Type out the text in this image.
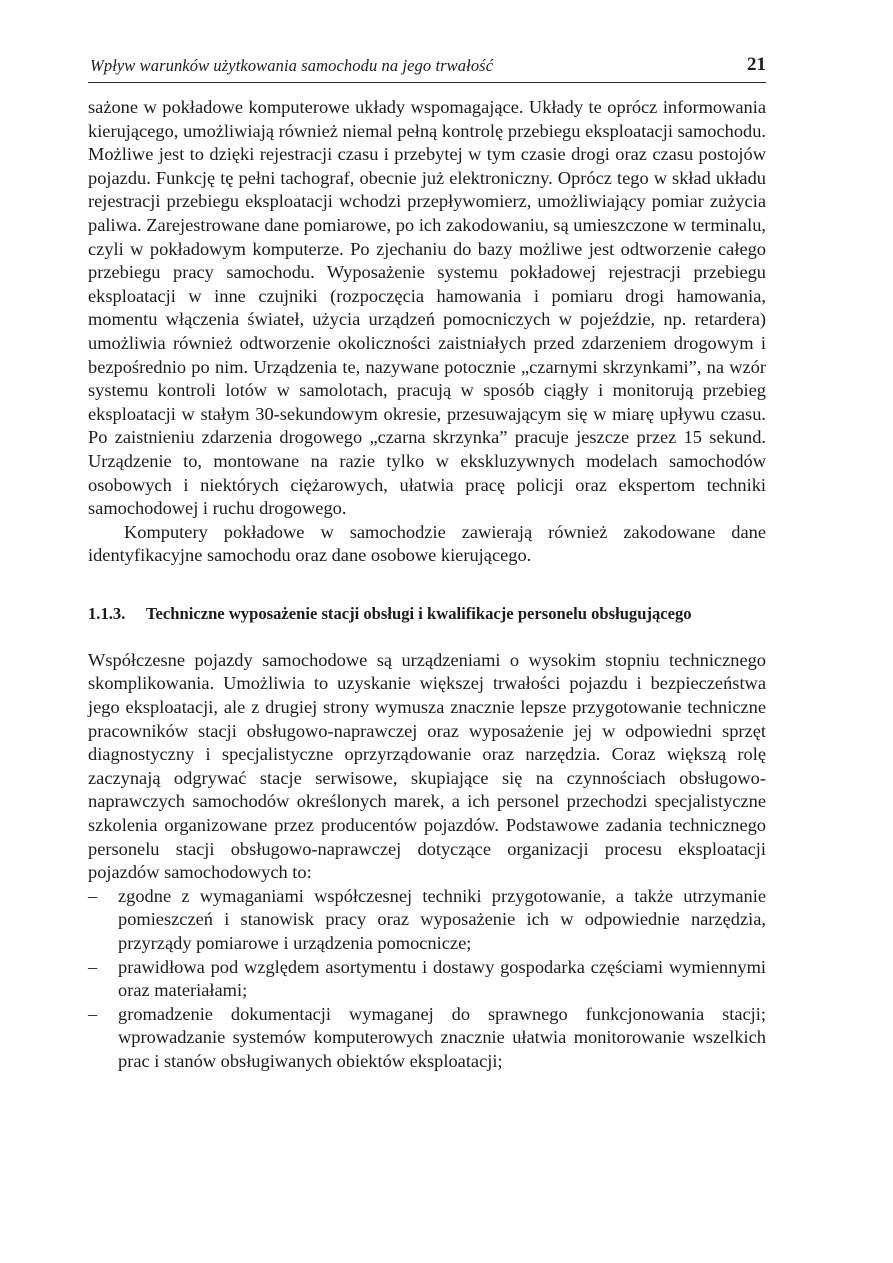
Wpływ warunków użytkowania samochodu na jego trwałość	21

sażone w pokładowe komputerowe układy wspomagające. Układy te oprócz informowania kierującego, umożliwiają również niemal pełną kontrolę przebiegu eksploatacji samochodu. Możliwe jest to dzięki rejestracji czasu i przebytej w tym czasie drogi oraz czasu postojów pojazdu. Funkcję tę pełni tachograf, obecnie już elektroniczny. Oprócz tego w skład układu rejestracji przebiegu eksploatacji wchodzi przepływomierz, umożliwiający pomiar zużycia paliwa. Zarejestrowane dane pomiarowe, po ich zakodowaniu, są umieszczone w terminalu, czyli w pokładowym komputerze. Po zjechaniu do bazy możliwe jest odtworzenie całego przebiegu pracy samochodu. Wyposażenie systemu pokładowej rejestracji przebiegu eksploatacji w inne czujniki (rozpoczęcia hamowania i pomiaru drogi hamowania, momentu włączenia świateł, użycia urządzeń pomocniczych w pojeździe, np. retardera) umożliwia również odtworzenie okoliczności zaistniałych przed zdarzeniem drogowym i bezpośrednio po nim. Urządzenia te, nazywane potocznie „czarnymi skrzynkami”, na wzór systemu kontroli lotów w samolotach, pracują w sposób ciągły i monitorują przebieg eksploatacji w stałym 30-sekundowym okresie, przesuwającym się w miarę upływu czasu. Po zaistnieniu zdarzenia drogowego „czarna skrzynka” pracuje jeszcze przez 15 sekund. Urządzenie to, montowane na razie tylko w ekskluzywnych modelach samochodów osobowych i niektórych ciężarowych, ułatwia pracę policji oraz ekspertom techniki samochodowej i ruchu drogowego.

Komputery pokładowe w samochodzie zawierają również zakodowane dane identyfikacyjne samochodu oraz dane osobowe kierującego.

1.1.3. Techniczne wyposażenie stacji obsługi i kwalifikacje personelu obsługującego

Współczesne pojazdy samochodowe są urządzeniami o wysokim stopniu technicznego skomplikowania. Umożliwia to uzyskanie większej trwałości pojazdu i bezpieczeństwa jego eksploatacji, ale z drugiej strony wymusza znacznie lepsze przygotowanie techniczne pracowników stacji obsługowo-naprawczej oraz wyposażenie jej w odpowiedni sprzęt diagnostyczny i specjalistyczne oprzyrządowanie oraz narzędzia. Coraz większą rolę zaczynają odgrywać stacje serwisowe, skupiające się na czynnościach obsługowo-naprawczych samochodów określonych marek, a ich personel przechodzi specjalistyczne szkolenia organizowane przez producentów pojazdów. Podstawowe zadania technicznego personelu stacji obsługowo-naprawczej dotyczące organizacji procesu eksploatacji pojazdów samochodowych to:

– zgodne z wymaganiami współczesnej techniki przygotowanie, a także utrzymanie pomieszczeń i stanowisk pracy oraz wyposażenie ich w odpowiednie narzędzia, przyrządy pomiarowe i urządzenia pomocnicze;
– prawidłowa pod względem asortymentu i dostawy gospodarka częściami wymiennymi oraz materiałami;
– gromadzenie dokumentacji wymaganej do sprawnego funkcjonowania stacji; wprowadzanie systemów komputerowych znacznie ułatwia monitorowanie wszelkich prac i stanów obsługiwanych obiektów eksploatacji;
